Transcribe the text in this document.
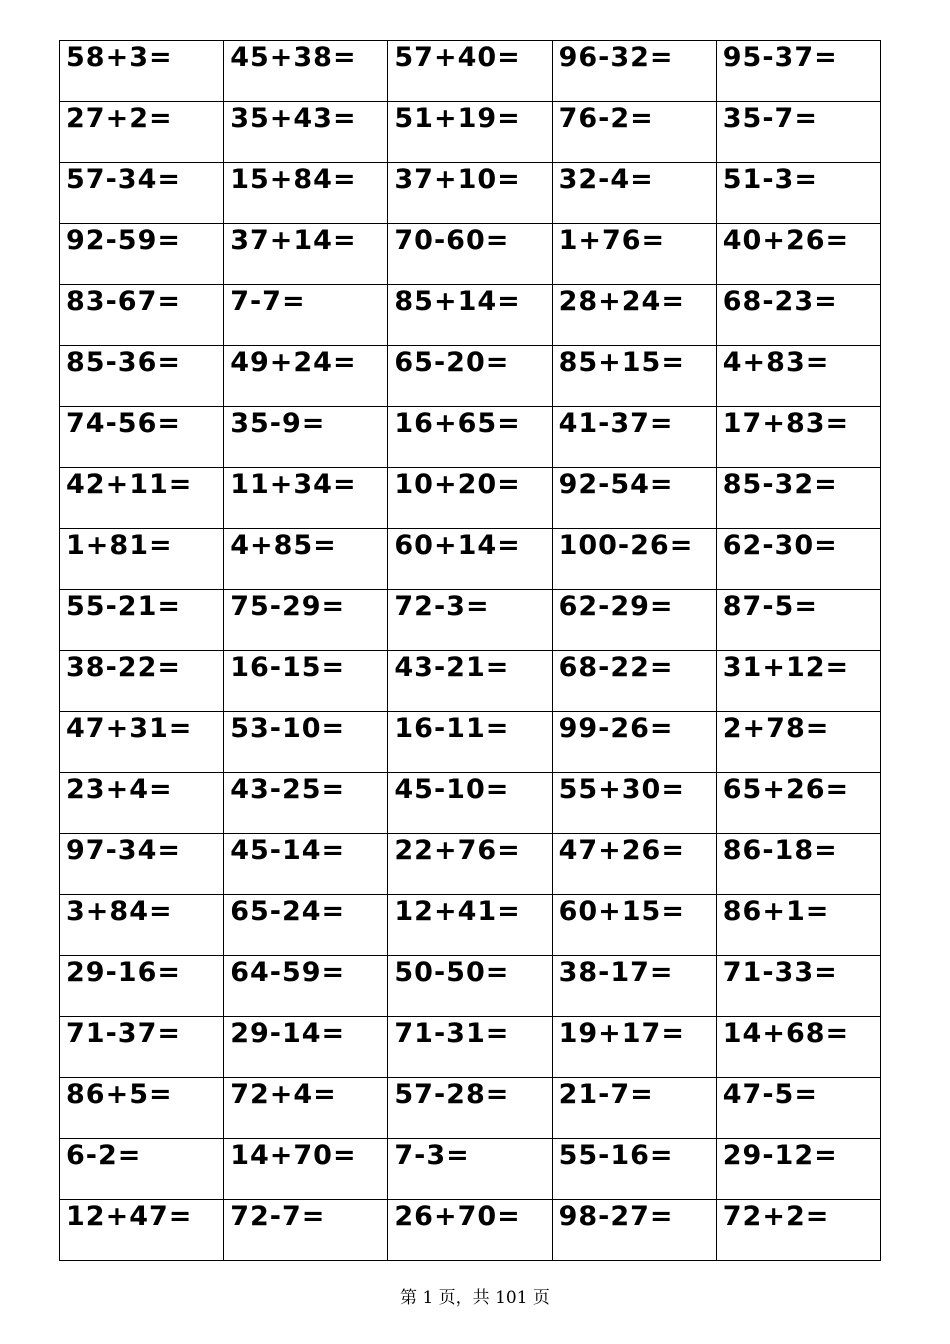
58+3=	45+38=	57+40=	96-32=	95-37=
27+2=	35+43=	51+19=	76-2=	35-7=
57-34=	15+84=	37+10=	32-4=	51-3=
92-59=	37+14=	70-60=	1+76=	40+26=
83-67=	7-7=	85+14=	28+24=	68-23=
85-36=	49+24=	65-20=	85+15=	4+83=
74-56=	35-9=	16+65=	41-37=	17+83=
42+11=	11+34=	10+20=	92-54=	85-32=
1+81=	4+85=	60+14=	100-26=	62-30=
55-21=	75-29=	72-3=	62-29=	87-5=
38-22=	16-15=	43-21=	68-22=	31+12=
47+31=	53-10=	16-11=	99-26=	2+78=
23+4=	43-25=	45-10=	55+30=	65+26=
97-34=	45-14=	22+76=	47+26=	86-18=
3+84=	65-24=	12+41=	60+15=	86+1=
29-16=	64-59=	50-50=	38-17=	71-33=
71-37=	29-14=	71-31=	19+17=	14+68=
86+5=	72+4=	57-28=	21-7=	47-5=
6-2=	14+70=	7-3=	55-16=	29-12=
12+47=	72-7=	26+70=	98-27=	72+2=
第 1 页，共 101 页
